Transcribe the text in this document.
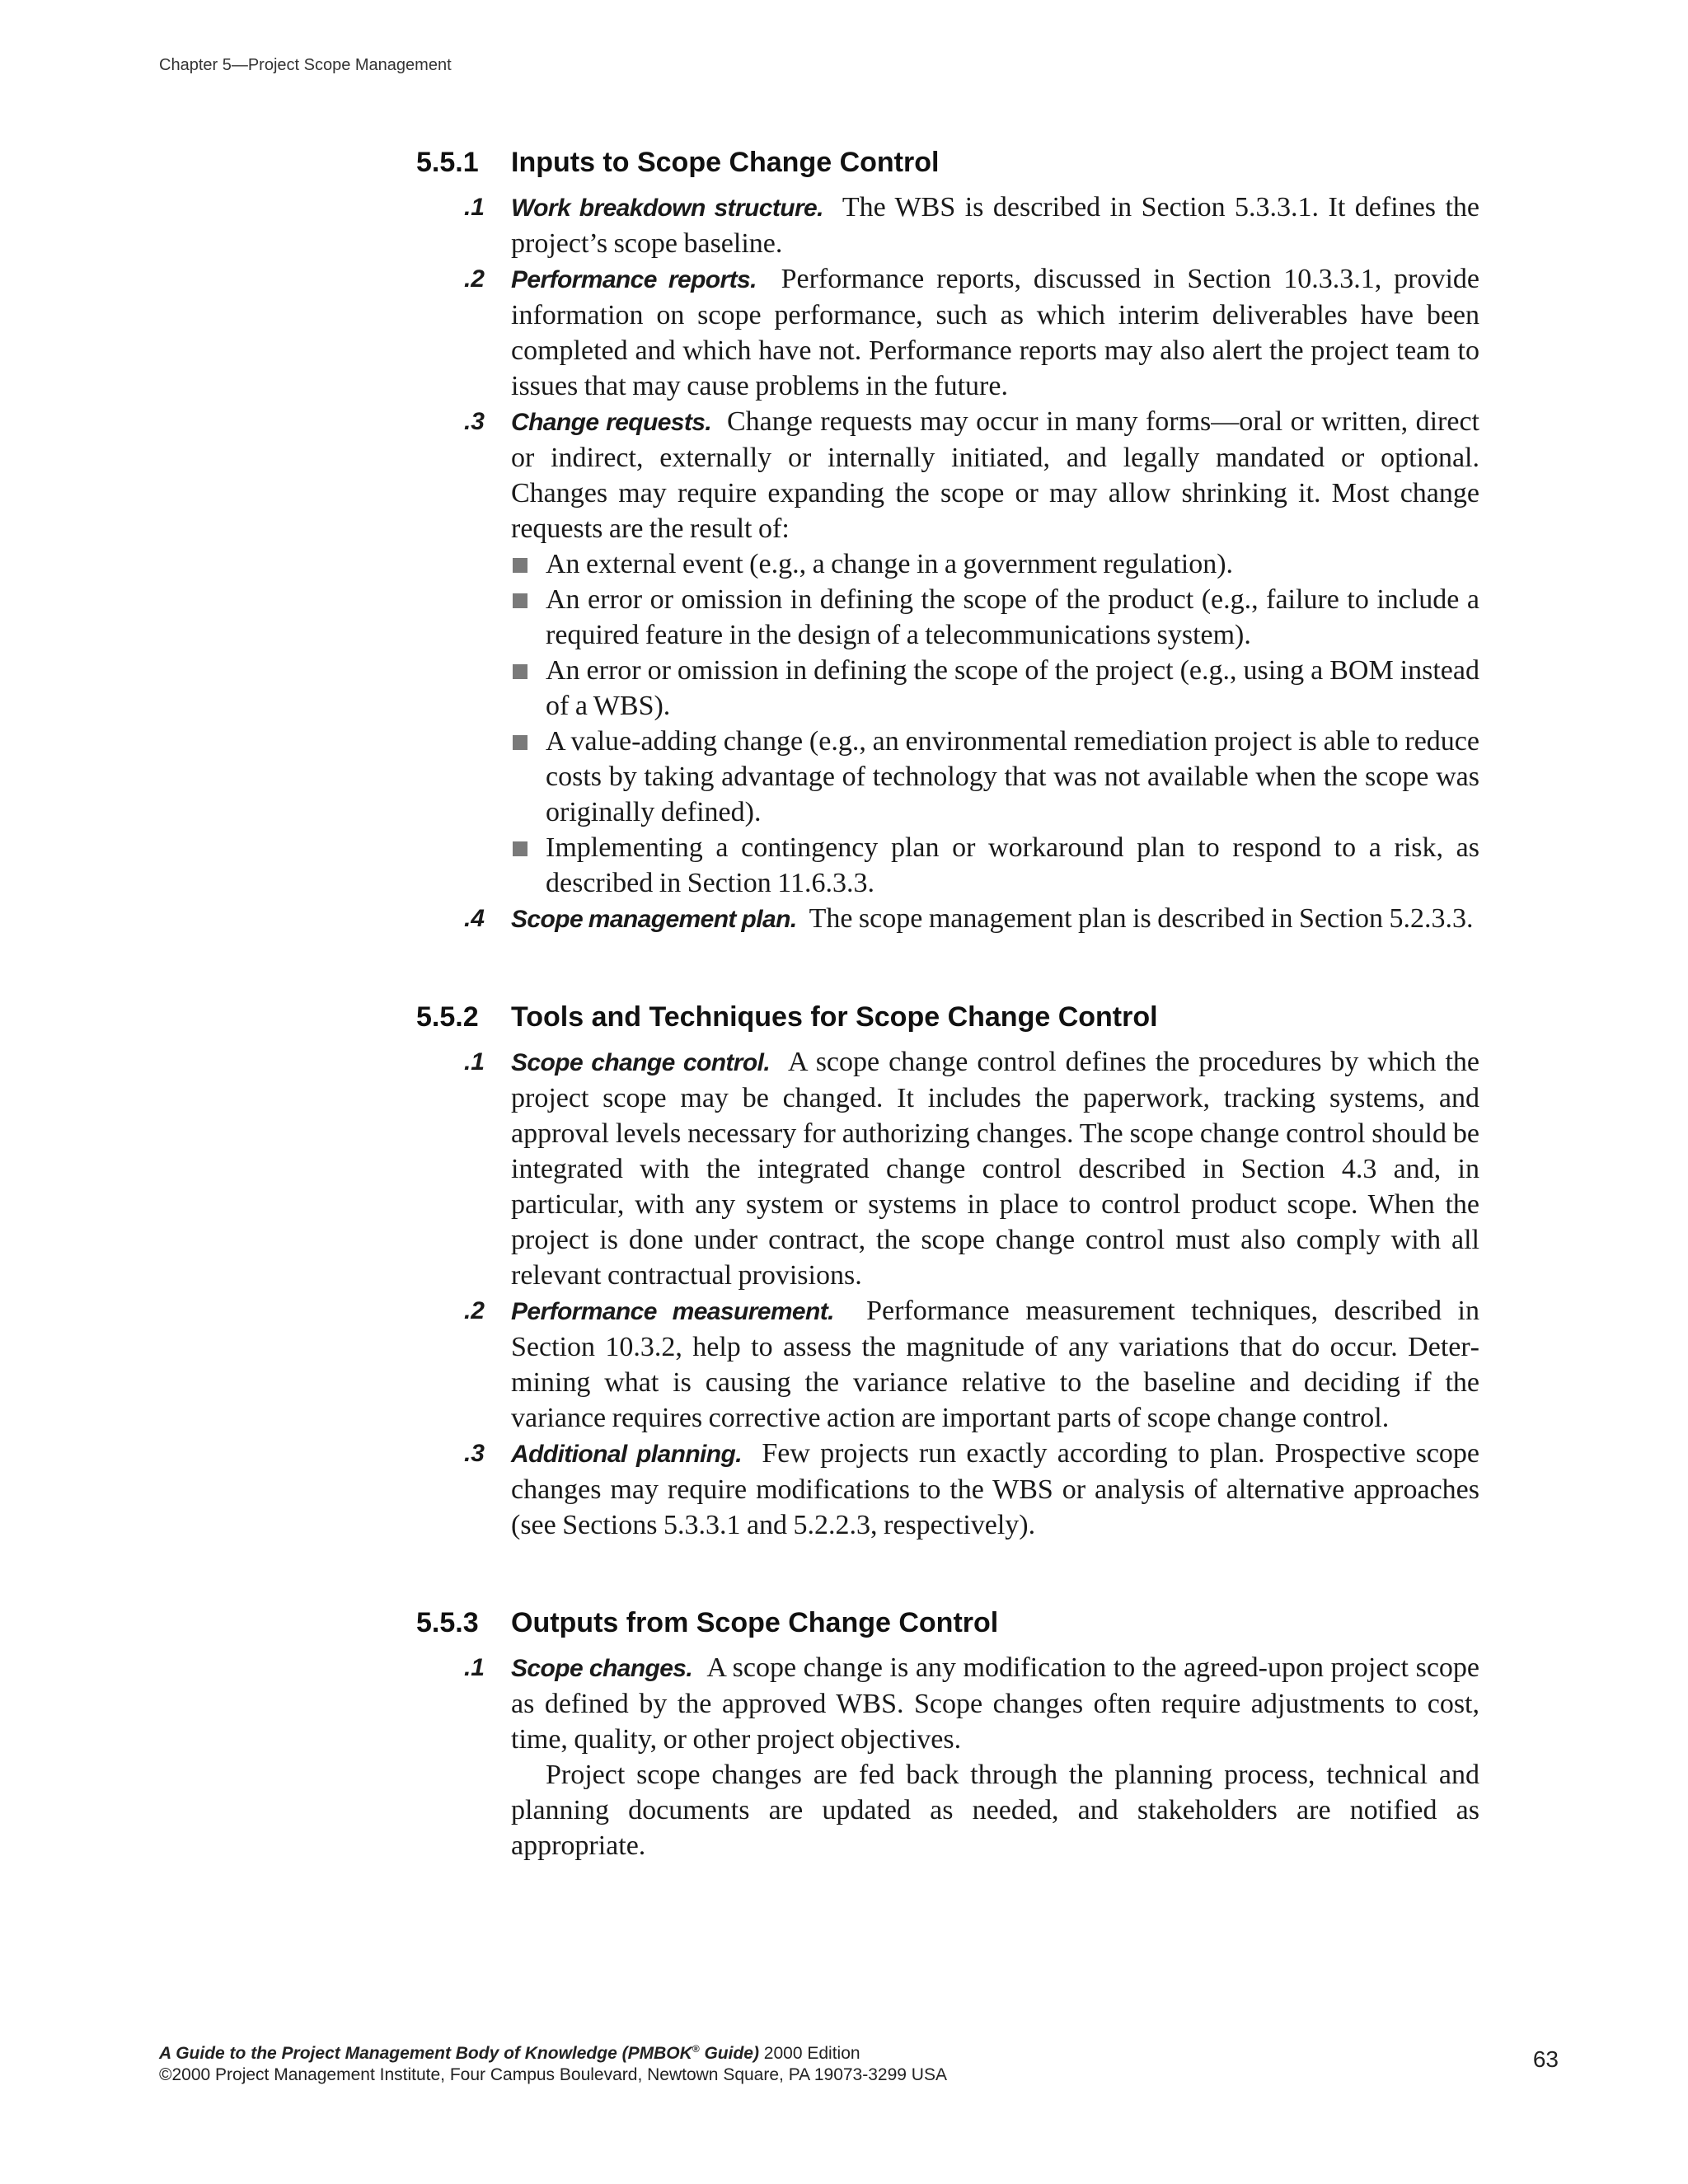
Chapter 5—Project Scope Management
5.5.1	Inputs to Scope Change Control
.1	Work breakdown structure. The WBS is described in Section 5.3.3.1. It defines the project’s scope baseline.

.2	Performance reports. Performance reports, discussed in Section 10.3.3.1, provide information on scope performance, such as which interim deliverables have been completed and which have not. Performance reports may also alert the project team to issues that may cause problems in the future.

.3	Change requests. Change requests may occur in many forms—oral or written, direct or indirect, externally or internally initiated, and legally mandated or optional. Changes may require expanding the scope or may allow shrinking it. Most change requests are the result of:

An external event (e.g., a change in a government regulation).
An error or omission in defining the scope of the product (e.g., failure to include a required feature in the design of a telecommunications system).
An error or omission in defining the scope of the project (e.g., using a BOM instead of a WBS).
A value-adding change (e.g., an environmental remediation project is able to reduce costs by taking advantage of technology that was not available when the scope was originally defined).
Implementing a contingency plan or workaround plan to respond to a risk, as described in Section 11.6.3.3.
.4	Scope management plan. The scope management plan is described in Section 5.2.3.3.

5.5.2	Tools and Techniques for Scope Change Control
.1	Scope change control. A scope change control defines the procedures by which the project scope may be changed. It includes the paperwork, tracking systems, and approval levels necessary for authorizing changes. The scope change control should be integrated with the integrated change control described in Section 4.3 and, in particular, with any system or systems in place to control product scope. When the project is done under contract, the scope change control must also comply with all relevant contractual provisions.

.2	Performance measurement. Performance measurement techniques, described in Section 10.3.2, help to assess the magnitude of any variations that do occur. Determining what is causing the variance relative to the baseline and deciding if the variance requires corrective action are important parts of scope change control.

.3	Additional planning. Few projects run exactly according to plan. Prospective scope changes may require modifications to the WBS or analysis of alternative approaches (see Sections 5.3.3.1 and 5.2.2.3, respectively).

5.5.3	Outputs from Scope Change Control
.1	Scope changes. A scope change is any modification to the agreed-upon project scope as defined by the approved WBS. Scope changes often require adjustments to cost, time, quality, or other project objectives.

Project scope changes are fed back through the planning process, technical and planning documents are updated as needed, and stakeholders are notified as appropriate.

A Guide to the Project Management Body of Knowledge (PMBOK® Guide) 2000 Edition
©2000 Project Management Institute, Four Campus Boulevard, Newtown Square, PA 19073-3299 USA
63
